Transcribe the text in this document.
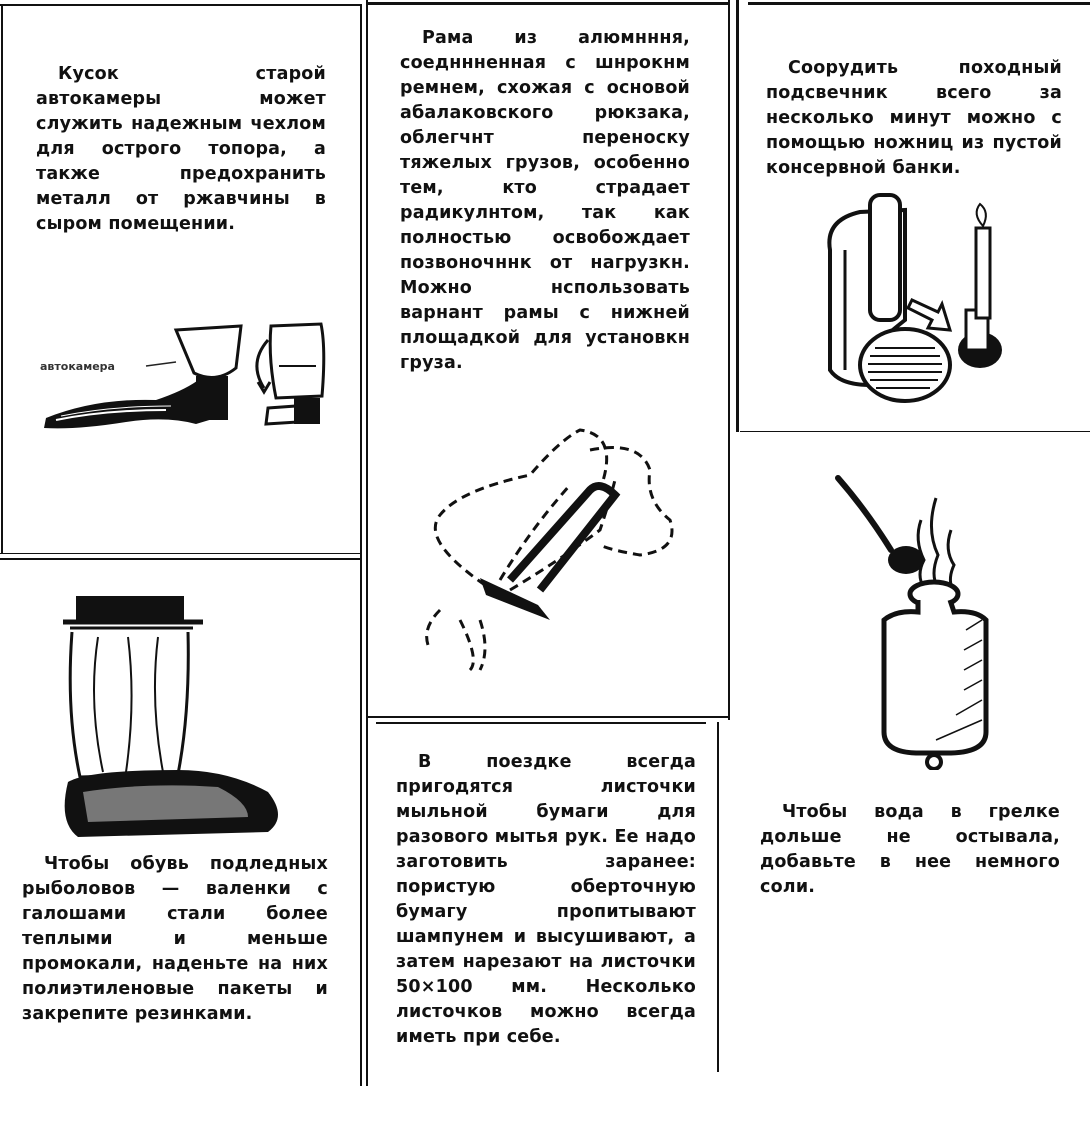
Кусок старой автокамеры может служить надежным чехлом для острого топора, а также предохранить металл от ржавчины в сыром помещении.

автокамера

Рама из алюмнння, соедннненная с шнрокнм ремнем, схожая с основой абалаковского рюкзака, облегчнт переноску тяжелых грузов, особенно тем, кто страдает радикулнтом, так как полностью освобождает позвоночннк от нагрузкн. Можно нспользовать варнант рамы с нижней площадкой для установкн груза.

Соорудить походный подсвечник всего за несколько минут можно с помощью ножниц из пустой консервной банки.

Чтобы обувь подледных рыболовов — валенки с галошами стали более теплыми и меньше промокали, наденьте на них полиэтиленовые пакеты и закрепите резинками.

В поездке всегда пригодятся листочки мыльной бумаги для разового мытья рук. Ее надо заготовить заранее: пористую оберточную бумагу пропитывают шампунем и высушивают, а затем нарезают на листочки 50×100 мм. Несколько листочков можно всегда иметь при себе.

Чтобы вода в грелке дольше не остывала, добавьте в нее немного соли.
